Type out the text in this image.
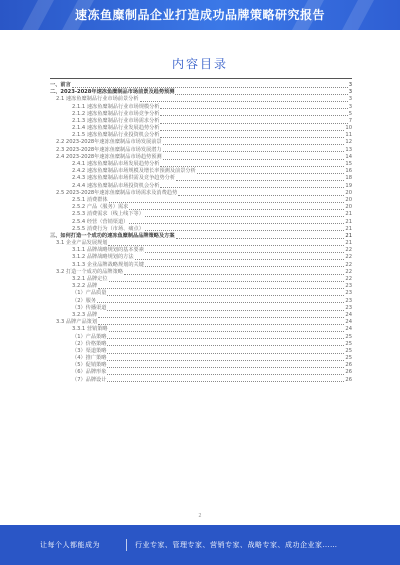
速冻鱼糜制品企业打造成功品牌策略研究报告
内容目录
一、前言	3
二、2023-2028年速冻鱼糜制品市场前景及趋势预测	3
2.1 速冻鱼糜制品行业市场前景分析	3
2.1.1 速冻鱼糜制品行业市场规模分析	3
2.1.2 速冻鱼糜制品行业市场竞争分析	5
2.1.3 速冻鱼糜制品行业市场需求分析	7
2.1.4 速冻鱼糜制品行业发展趋势分析	10
2.1.5 速冻鱼糜制品行业投资机会分析	11
2.2 2023-2028年速冻鱼糜制品市场发展前景	12
2.3 2023-2028年速冻鱼糜制品市场发展潜力	13
2.4 2023-2028年速冻鱼糜制品市场趋势预测	14
2.4.1 速冻鱼糜制品市场发展趋势分析	15
2.4.2 速冻鱼糜制品市场规模及增长率预测及前景分析	16
2.4.3 速冻鱼糜制品市场供需及竞争趋势分析	18
2.4.4 速冻鱼糜制品市场投资机会分析	19
2.5 2023-2028年速冻鱼糜制品市场需求及消费趋势	20
2.5.1 消费群体	20
2.5.2 产品（服务）需求	20
2.5.3 消费需求（线上线下等）	21
2.5.4 经营（营销渠道）	21
2.5.5 消费行为（市场、痛点）	21
三、如何打造一个成功的速冻鱼糜制品品牌策略及方案	21
3.1 企业产品发展规划	21
3.1.1 品牌战略规划的基本要素	22
3.1.2 品牌战略规划的方法	22
3.1.3 企业品牌战略规划的关键	22
3.2 打造一个成功的品牌策略	22
3.2.1 品牌定位	22
3.2.2 品牌	23
（1）产品质量	23
（2）服务	23
（3）传播渠道	23
3.2.3 品牌	24
3.3 品牌产品策划	24
3.3.1 营销策略	24
（1）产品策略	25
（2）价格策略	25
（3）渠道策略	25
（4）推广策略	25
（5）促销策略	26
（6）品牌形象	26
（7）品牌设计	26
2
让每个人都能成为	行业专家、管理专家、营销专家、战略专家、成功企业家……
